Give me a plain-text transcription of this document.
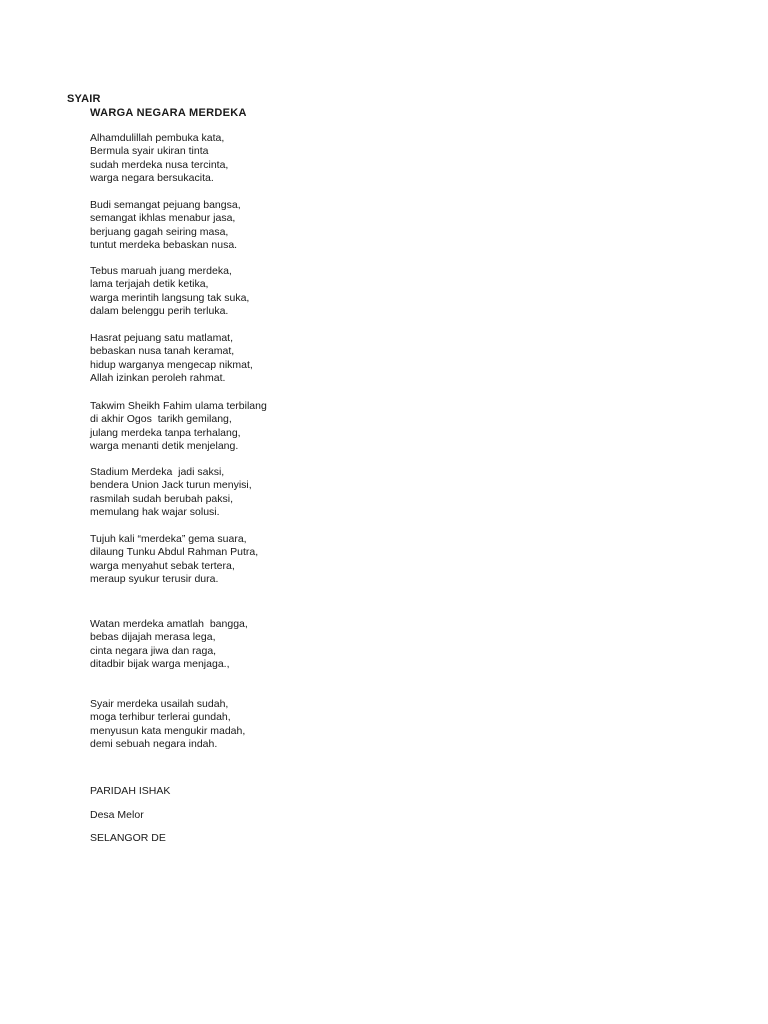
SYAIR
WARGA NEGARA MERDEKA
Alhamdulillah pembuka kata,
Bermula syair ukiran tinta
sudah merdeka nusa tercinta,
warga negara bersukacita.
Budi semangat pejuang bangsa,
semangat ikhlas menabur jasa,
berjuang gagah seiring masa,
tuntut merdeka bebaskan nusa.
Tebus maruah juang merdeka,
lama terjajah detik ketika,
warga merintih langsung tak suka,
dalam belenggu perih terluka.
Hasrat pejuang satu matlamat,
bebaskan nusa tanah keramat,
hidup warganya mengecap nikmat,
Allah izinkan peroleh rahmat.
Takwim Sheikh Fahim ulama terbilang
di akhir Ogos  tarikh gemilang,
julang merdeka tanpa terhalang,
warga menanti detik menjelang.
Stadium Merdeka  jadi saksi,
bendera Union Jack turun menyisi,
rasmilah sudah berubah paksi,
memulang hak wajar solusi.
Tujuh kali “merdeka” gema suara,
dilaung Tunku Abdul Rahman Putra,
warga menyahut sebak tertera,
meraup syukur terusir dura.
Watan merdeka amatlah  bangga,
bebas dijajah merasa lega,
cinta negara jiwa dan raga,
ditadbir bijak warga menjaga.,
Syair merdeka usailah sudah,
moga terhibur terlerai gundah,
menyusun kata mengukir madah,
demi sebuah negara indah.
PARIDAH ISHAK
Desa Melor
SELANGOR DE
